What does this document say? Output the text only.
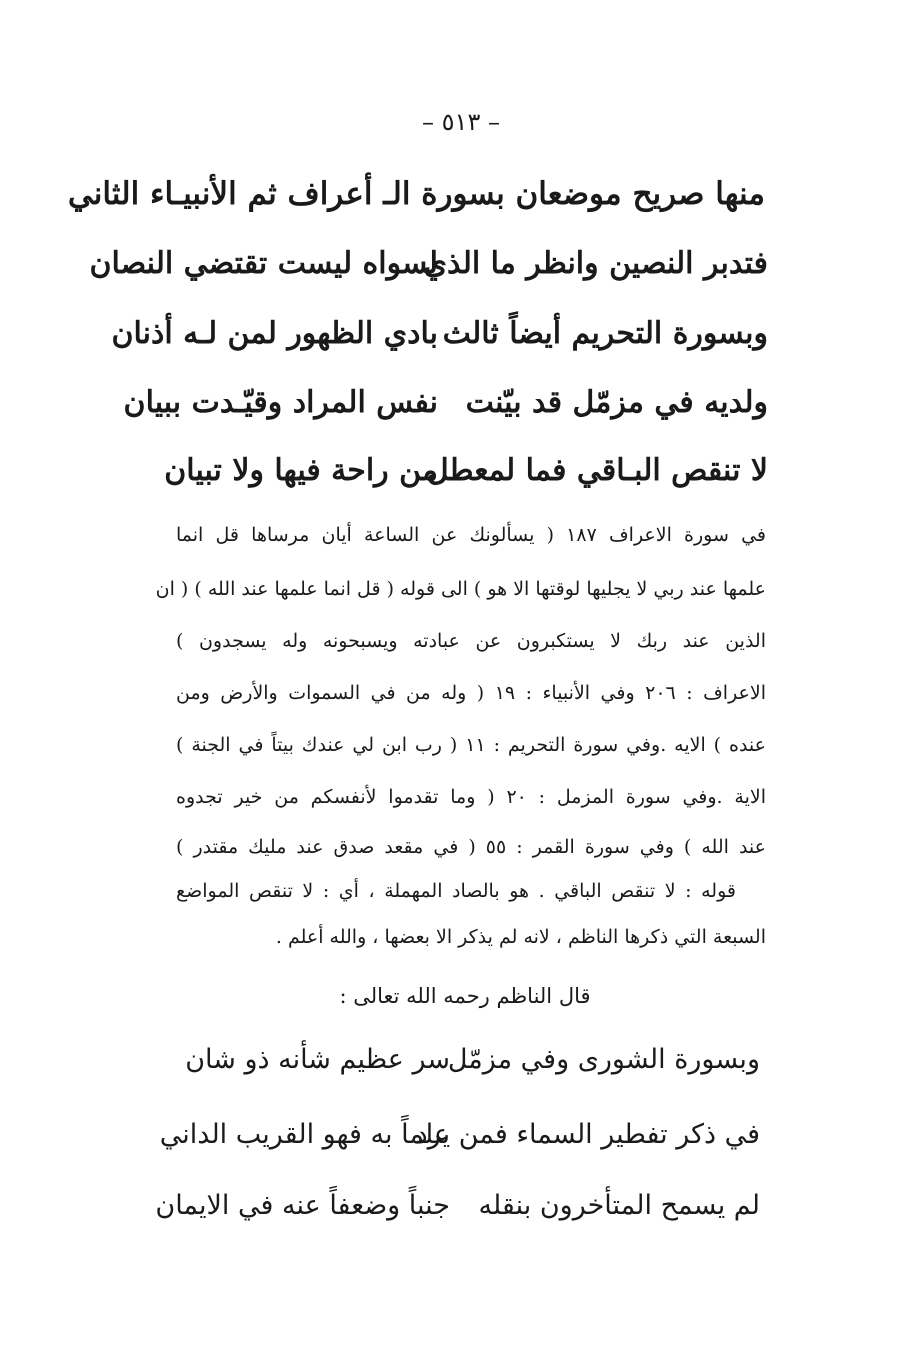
– ٥١٣ –
منها صريح موضعان بسورة الـ أعراف ثم الأنبيـاء الثاني
فتدبر النصين وانظر ما الذي
لسواه ليست تقتضي النصان
وبسورة التحريم أيضاً ثالث
بادي الظهور لمن لـه أذنان
ولديه في مزمّل قد بيّنت
نفس المراد وقيّـدت ببيان
لا تنقص البـاقي فما لمعطل
من راحة فيها ولا تبيان
في سورة الاعراف ١٨٧ ( يسألونك عن الساعة أيان مرساها قل انما
علمها عند ربي لا يجليها لوقتها الا هو ) الى قوله ( قل انما علمها عند الله ) ( ان
الذين عند ربك لا يستكبرون عن عبادته ويسبحونه وله يسجدون )
الاعراف : ٢٠٦ وفي الأنبياء : ١٩ ( وله من في السموات والأرض ومن
عنده ) الايه .وفي سورة التحريم : ١١ ( رب ابن لي عندك بيتاً في الجنة )
الاية .وفي سورة المزمل : ٢٠ ( وما تقدموا لأنفسكم من خير تجدوه
عند الله ) وفي سورة القمر : ٥٥ ( في مقعد صدق عند مليك مقتدر )
قوله : لا تنقص الباقي . هو بالصاد المهملة ، أي : لا تنقص المواضع
السبعة التي ذكرها الناظم ، لانه لم يذكر الا بعضها ، والله أعلم .
قال الناظم رحمه الله تعالى :
وبسورة الشورى وفي مزمّل
سر عظيم شأنه ذو شان
في ذكر تفطير السماء فمن يرد
علماً به فهو القريب الداني
لم يسمح المتأخرون بنقله
جنباً وضعفاً عنه في الايمان
